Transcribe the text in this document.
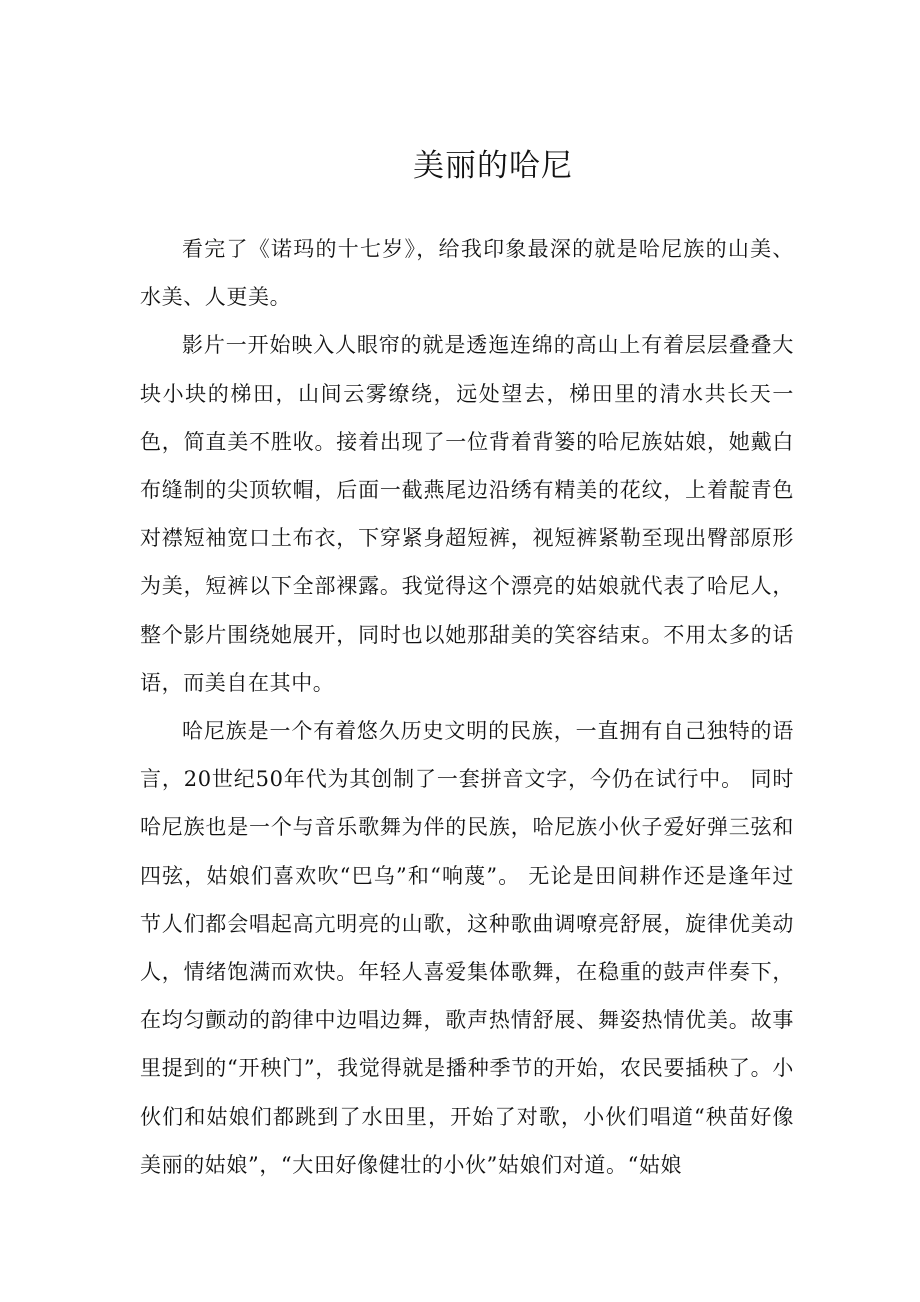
美丽的哈尼

看完了《诺玛的十七岁》，给我印象最深的就是哈尼族的山美、水美、人更美。

影片一开始映入人眼帘的就是透迤连绵的高山上有着层层叠叠大块小块的梯田，山间云雾缭绕，远处望去，梯田里的清水共长天一色，简直美不胜收。接着出现了一位背着背篓的哈尼族姑娘，她戴白布缝制的尖顶软帽，后面一截燕尾边沿绣有精美的花纹，上着靛青色对襟短袖宽口土布衣，下穿紧身超短裤，视短裤紧勒至现出臀部原形为美，短裤以下全部裸露。我觉得这个漂亮的姑娘就代表了哈尼人，整个影片围绕她展开，同时也以她那甜美的笑容结束。不用太多的话语，而美自在其中。

哈尼族是一个有着悠久历史文明的民族，一直拥有自己独特的语言，20世纪50年代为其创制了一套拼音文字，今仍在试行中。 同时哈尼族也是一个与音乐歌舞为伴的民族，哈尼族小伙子爱好弹三弦和四弦，姑娘们喜欢吹“巴乌”和“响蔑”。 无论是田间耕作还是逢年过节人们都会唱起高亢明亮的山歌，这种歌曲调嘹亮舒展，旋律优美动人，情绪饱满而欢快。年轻人喜爱集体歌舞，在稳重的鼓声伴奏下，在均匀颤动的韵律中边唱边舞，歌声热情舒展、舞姿热情优美。故事里提到的“开秧门”，我觉得就是播种季节的开始，农民要插秧了。小伙们和姑娘们都跳到了水田里，开始了对歌，小伙们唱道“秧苗好像美丽的姑娘”，“大田好像健壮的小伙”姑娘们对道。“姑娘
